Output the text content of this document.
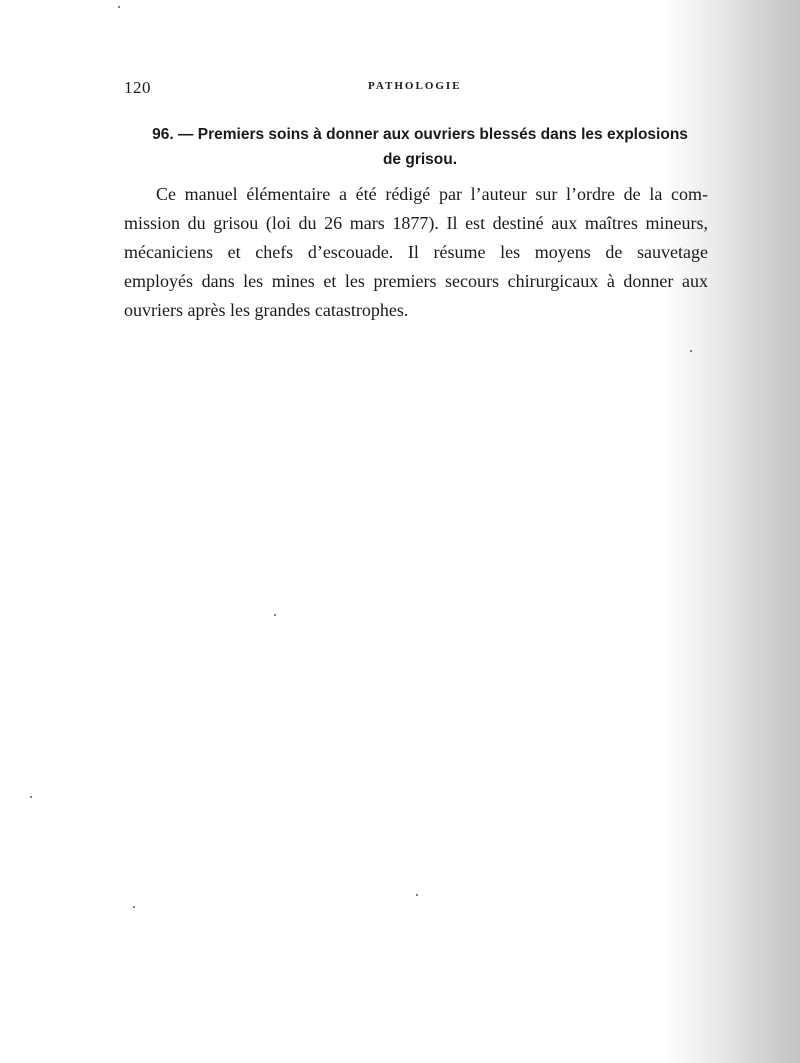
120	PATHOLOGIE
96. — Premiers soins à donner aux ouvriers blessés dans les explosions
de grisou.
Ce manuel élémentaire a été rédigé par l’auteur sur l’ordre de la com-
mission du grisou (loi du 26 mars 1877). Il est destiné aux maîtres mineurs,
mécaniciens et chefs d’escouade. Il résume les moyens de sauvetage
employés dans les mines et les premiers secours chirurgicaux à donner aux
ouvriers après les grandes catastrophes.
